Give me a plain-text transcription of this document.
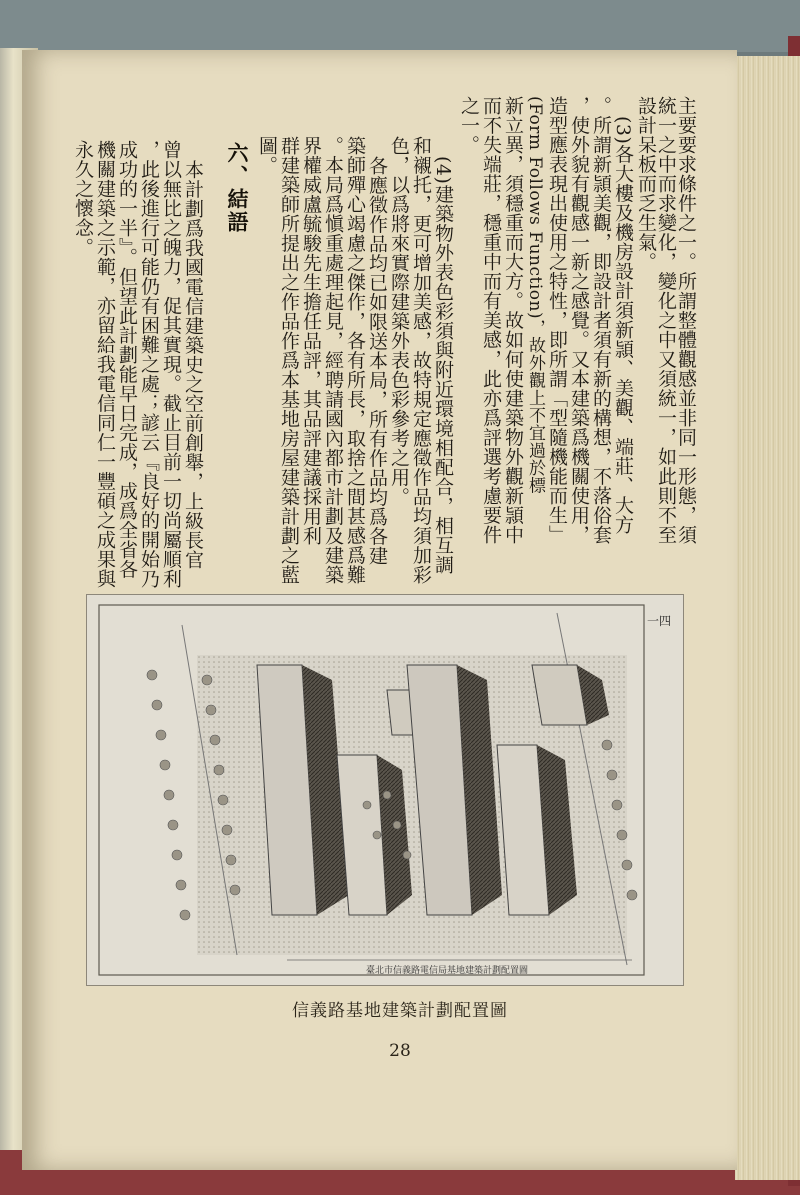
主要要求條件之一。所謂整體觀感並非同一形態，須
統一之中而求變化，變化之中又須統一，如此則不至
設計呆板而乏生氣。
(3)各大樓及機房設計須新頴、美觀、端莊、大方
。所謂新頴美觀，即設計者須有新的構想，不落俗套
，使外貌有觀感一新之感覺。又本建築爲機關使用，
造型應表現出使用之特性，即所謂「型隨機能而生」
(Form Follows Function)，故外觀上不宜過於標
新立異，須穩重而大方。故如何使建築物外觀新頴中
而不失端莊，穩重中而有美感，此亦爲評選考慮要件
之一。
(4)建築物外表色彩須與附近環境相配合，相互調
和襯托，更可增加美感，故特規定應徵作品均須加彩
色，以爲將來實際建築外表色彩參考之用。
各應徵作品均已如限送本局，所有作品均爲各建
築師殫心竭慮之傑作，各有所長，取捨之間甚感爲難
。本局爲愼重處理起見，經聘請國內都市計劃及建築
界權威盧毓駿先生擔任品評，其品評建議採用利
群建築師所提出之作品作爲本基地房屋建築計劃之藍
圖。
六、結語
本計劃爲我國電信建築史之空前創舉，上級長官
曾以無比之魄力，促其實現。截止目前一切尚屬順利
，此後進行可能仍有困難之處；諺云『良好的開始乃
成功的一半』。但望此計劃能早日完成，成爲全省各
機關建築之示範，亦留給我電信同仁一豐碩之成果與
永久之懷念。
臺北市信義路電信局基地建築計劃配置圖
一四
信義路基地建築計劃配置圖
28
